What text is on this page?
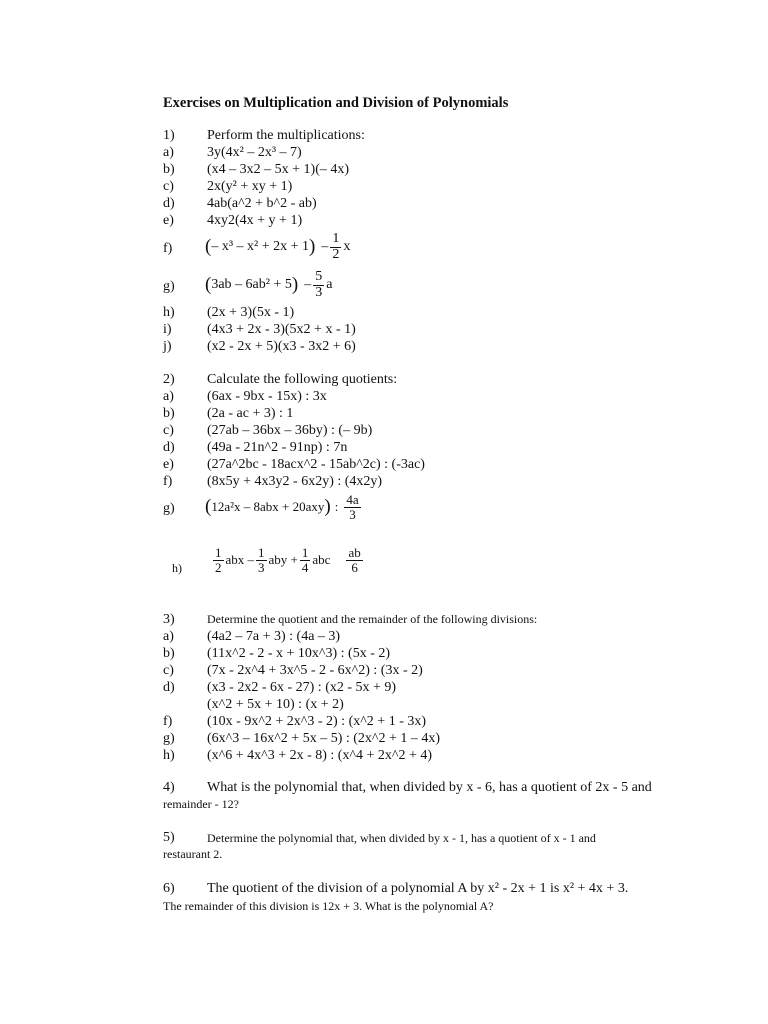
Exercises on Multiplication and Division of Polynomials
1) Perform the multiplications:
a) 3y(4x² – 2x³ – 7)
b) (x4 – 3x2 – 5x + 1)(– 4x)
c) 2x(y² + xy + 1)
d) 4ab(a^2 + b^2 - ab)
e) 4xy2(4x + y + 1)
f) ( – x³ – x² + 2x + 1 ) – $\frac{1}{2}$ x
g) ( 3ab – 6ab² + 5 ) – $\frac{5}{3}$ a
h) (2x + 3)(5x - 1)
i)	(4x3 + 2x - 3)(5x2 + x - 1)
j)	(x2 - 2x + 5)(x3 - 3x2 + 6)
2) Calculate the following quotients:
a) (6ax - 9bx - 15x) : 3x
b) (2a - ac + 3) : 1
c) (27ab – 36bx – 36by) : (– 9b)
d) (49a - 21n^2 - 91np) : 7n
e) (27a^2bc - 18acx^2 - 15ab^2c) : (-3ac)
f) (8x5y + 4x3y2 - 6x2y) : (4x2y)
g) ( 12a²x – 8abx + 20axy ) : $\frac{4a}{3}$
$h) \frac{1}{2}$ abx – $\frac{1}{3}$ aby + $\frac{1}{4}$ abc $\frac{ab}{6}$
3)	Determine the quotient and the remainder of the following divisions:
a) (4a2 – 7a + 3) : (4a – 3)
b) (11x^2 - 2 - x + 10x^3) : (5x - 2)
c) (7x - 2x^4 + 3x^5 - 2 - 6x^2) : (3x - 2)
d) (x3 - 2x2 - 6x - 27) : (x2 - 5x + 9)
(x^2 + 5x + 10) : (x + 2)
f) (10x - 9x^2 + 2x^3 - 2) : (x^2 + 1 - 3x)
g) (6x^3 – 16x^2 + 5x – 5) : (2x^2 + 1 – 4x)
h) (x^6 + 4x^3 + 2x - 8) : (x^4 + 2x^2 + 4)
4) What is the polynomial that, when divided by x - 6, has a quotient of 2x - 5 and
remainder - 12?
5)	Determine the polynomial that, when divided by x - 1, has a quotient of x - 1 and
restaurant 2.
6) The quotient of the division of a polynomial A by x² - 2x + 1 is x² + 4x + 3.
The remainder of this division is 12x + 3. What is the polynomial A?
